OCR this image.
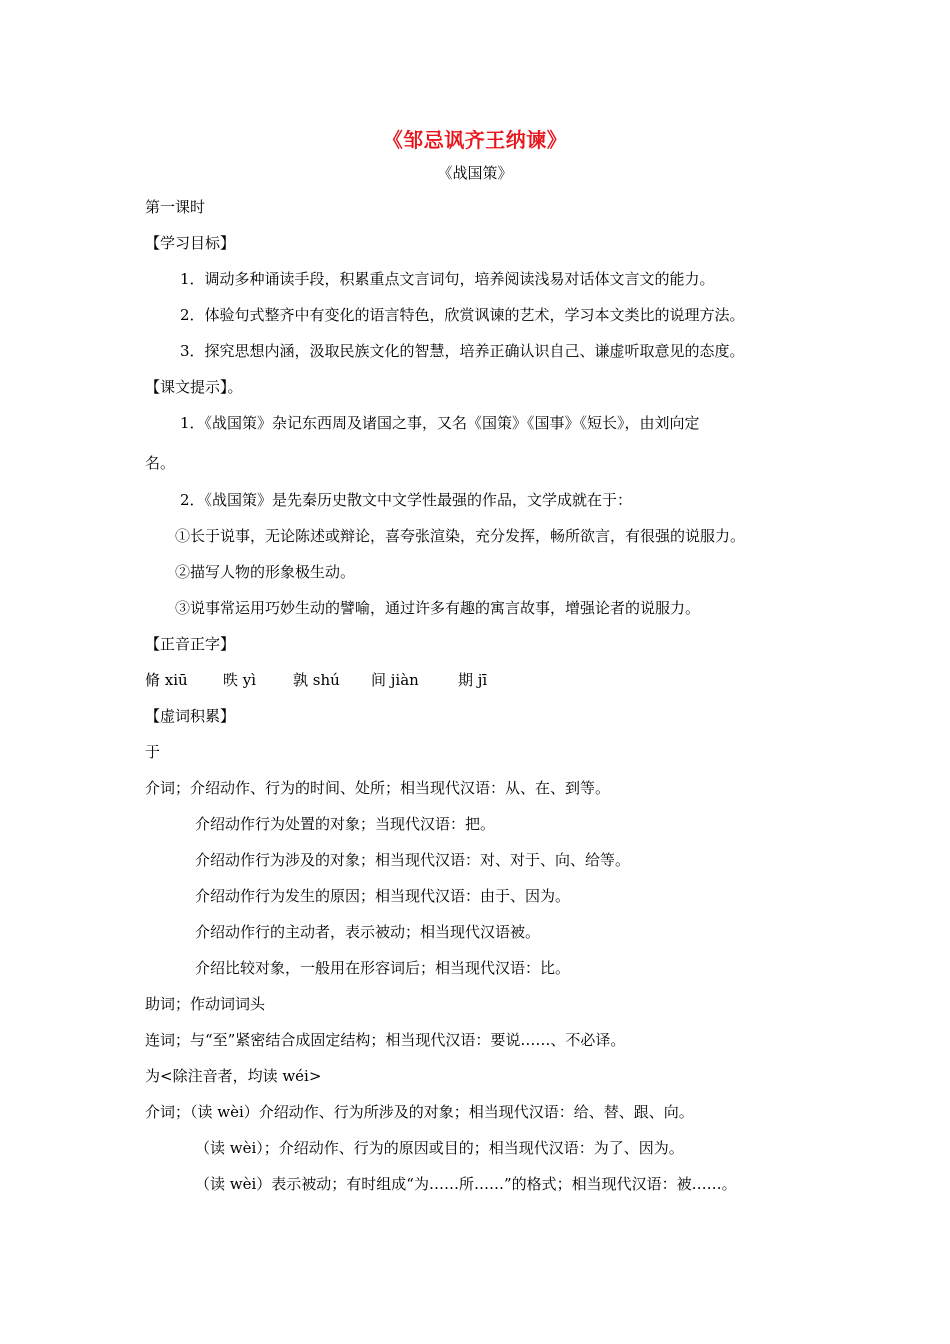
《邹忌讽齐王纳谏》
《战国策》
第一课时
【学习目标】
1．调动多种诵读手段，积累重点文言词句，培养阅读浅易对话体文言文的能力。
2．体验句式整齐中有变化的语言特色，欣赏讽谏的艺术，学习本文类比的说理方法。
3．探究思想内涵，汲取民族文化的智慧，培养正确认识自己、谦虚听取意见的态度。
【课文提示】。
1．《战国策》杂记东西周及诸国之事，又名《国策》《国事》《短长》，由刘向定
名。
2．《战国策》是先秦历史散文中文学性最强的作品，文学成就在于：
①长于说事，无论陈述或辩论，喜夸张渲染，充分发挥，畅所欲言，有很强的说服力。
②描写人物的形象极生动。
③说事常运用巧妙生动的譬喻，通过许多有趣的寓言故事，增强论者的说服力。
【正音正字】
脩 xiū 昳 yì 孰 shú 间 jiàn	期 jī
【虚词积累】
于
介词；介绍动作、行为的时间、处所；相当现代汉语：从、在、到等。
介绍动作行为处置的对象；当现代汉语：把。
介绍动作行为涉及的对象；相当现代汉语：对、对于、向、给等。
介绍动作行为发生的原因；相当现代汉语：由于、因为。
介绍动作行的主动者，表示被动；相当现代汉语被。
介绍比较对象，一般用在形容词后；相当现代汉语：比。
助词；作动词词头
连词；与“至”紧密结合成固定结构；相当现代汉语：要说……、不必译。
为<除注音者，均读 wéi>
介词；（读 wèi）介绍动作、行为所涉及的对象；相当现代汉语：给、替、跟、向。
（读 wèi）；介绍动作、行为的原因或目的；相当现代汉语：为了、因为。
（读 wèi）表示被动；有时组成“为……所……”的格式；相当现代汉语：被……。
